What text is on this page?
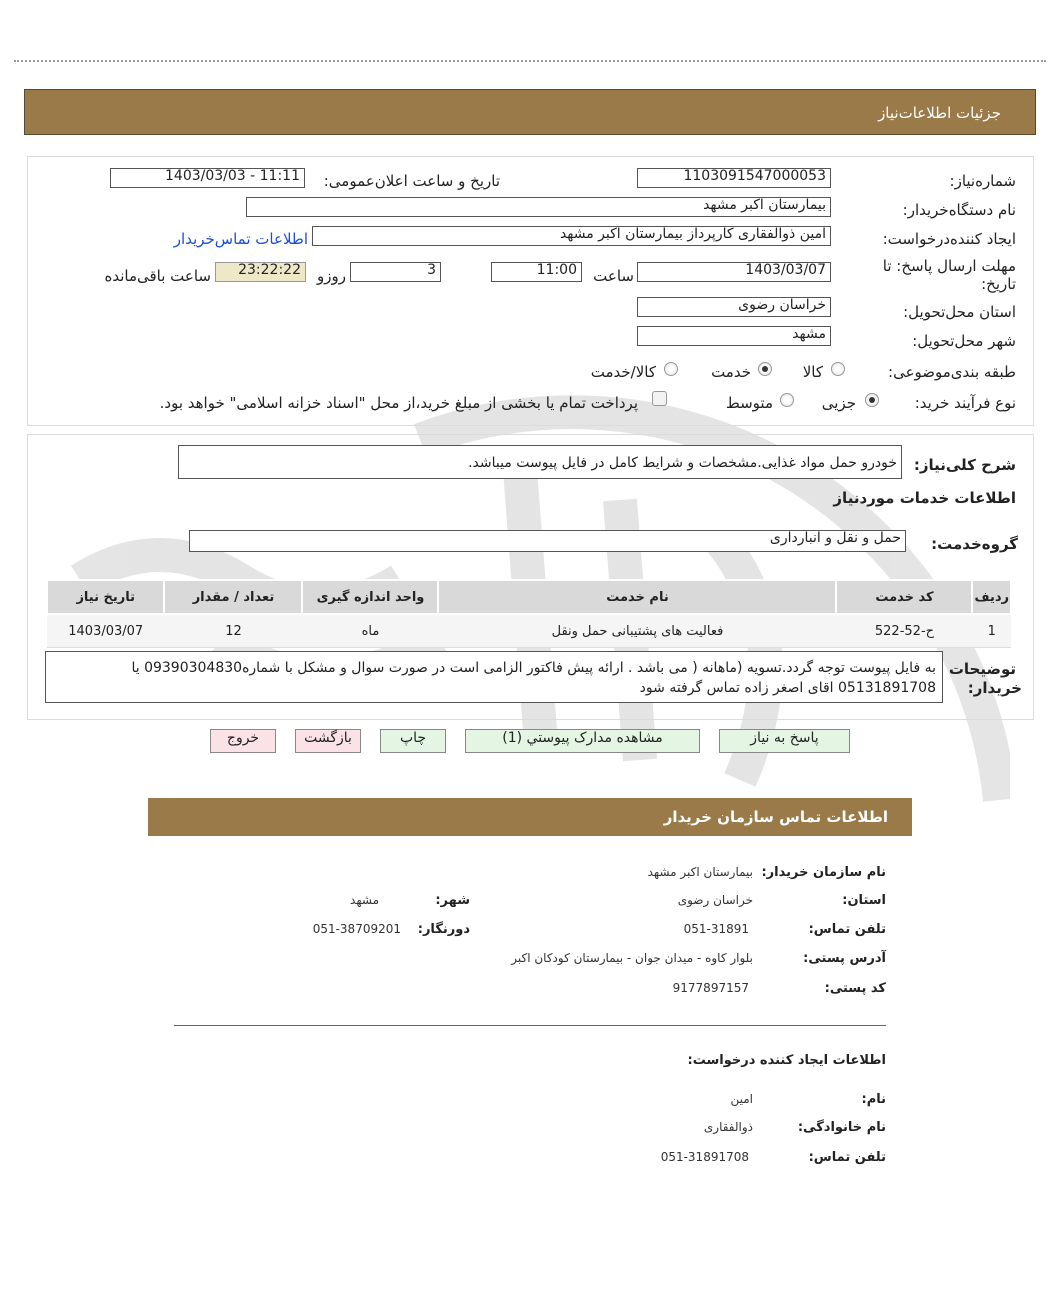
جزئیات اطلاعات‌نیاز
شماره‌نیاز:
1103091547000053
تاریخ و ساعت اعلان‌عمومی:
1403/03/03 - 11:11
نام دستگاه‌خریدار:
بیمارستان اکبر مشهد
ایجاد کننده‌درخواست:
امین ذوالفقاری کارپرداز بیمارستان اکبر مشهد
اطلاعات تماس‌خریدار
مهلت ارسال پاسخ: تا
تاریخ:
1403/03/07
ساعت
11:00
3
روزو
23:22:22
ساعت باقی‌مانده
استان محل‌تحویل:
خراسان رضوی
شهر محل‌تحویل:
مشهد
طبقه بندی‌موضوعی:
کالا
خدمت
کالا/خدمت
نوع فرآیند خرید:
جزیی
متوسط
پرداخت تمام یا بخشی از مبلغ خرید،از محل "اسناد خزانه اسلامی" خواهد بود.
شرح کلی‌نیاز:
خودرو حمل مواد غذایی.مشخصات و شرایط کامل در فایل پیوست میباشد.
اطلاعات خدمات موردنیاز
گروه‌خدمت:
حمل و نقل و انبارداری
ردیف	کد خدمت	نام خدمت	واحد اندازه گیری	تعداد / مقدار	تاریخ نیاز
1	ح-52-522	فعالیت های پشتیبانی حمل ونقل	ماه	12	1403/03/07
توضیحات
خریدار:
به فایل پیوست توجه گردد.تسویه (ماهانه ( می باشد . ارائه پیش فاکتور الزامی است در صورت سوال و مشکل با شماره09390304830 یا
05131891708 اقای اصغر زاده تماس گرفته شود
پاسخ به نیاز
مشاهده مدارک پیوستي (1)
چاپ
بازگشت
خروج
اطلاعات تماس سازمان خریدار
نام سازمان خریدار:
بیمارستان اکبر مشهد
استان:
خراسان رضوی
شهر:
مشهد
تلفن تماس:
051-31891
دورنگار:
051-38709201
آدرس پستی:
بلوار کاوه - میدان جوان - بیمارستان کودکان اکبر
کد پستی:
9177897157
اطلاعات ایجاد کننده درخواست:
نام:
امین
نام خانوادگی:
ذوالفقاری
تلفن تماس:
051-31891708
